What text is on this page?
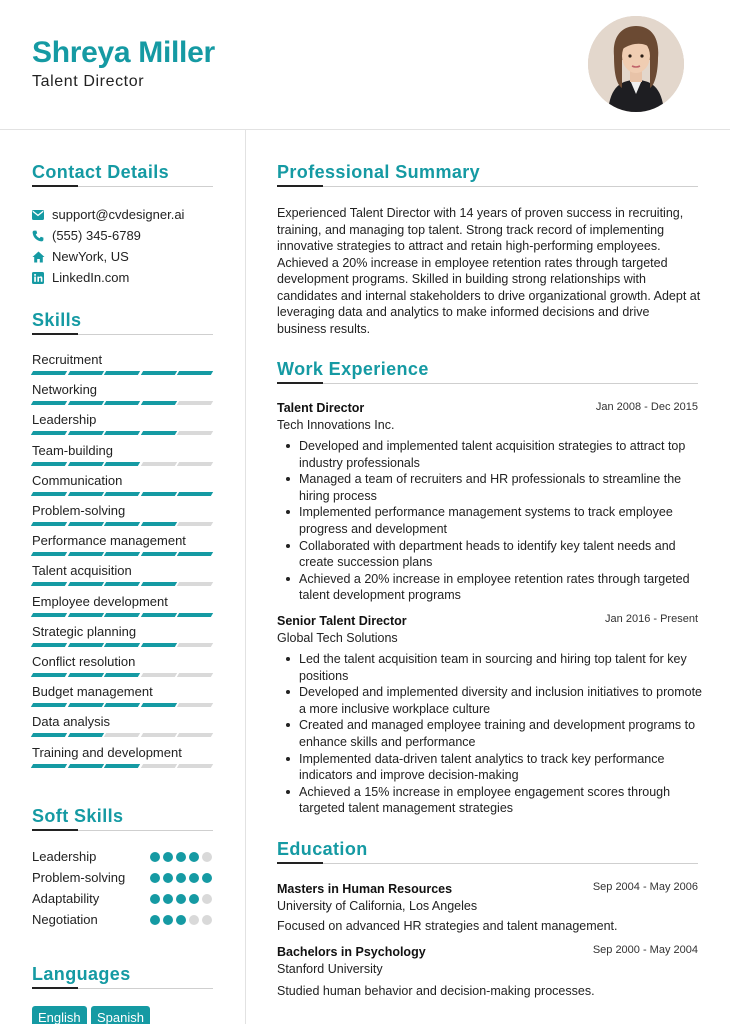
Shreya Miller
Talent Director
Contact Details
support@cvdesigner.ai
(555) 345-6789
NewYork, US
LinkedIn.com
Skills
Recruitment
Networking
Leadership
Team-building
Communication
Problem-solving
Performance management
Talent acquisition
Employee development
Strategic planning
Conflict resolution
Budget management
Data analysis
Training and development
Soft Skills
Leadership
Problem-solving
Adaptability
Negotiation
Languages
English	Spanish
Professional Summary
Experienced Talent Director with 14 years of proven success in recruiting, training, and managing top talent. Strong track record of implementing innovative strategies to attract and retain high-performing employees. Achieved a 20% increase in employee retention rates through targeted development programs. Skilled in building strong relationships with candidates and internal stakeholders to drive organizational growth. Adept at leveraging data and analytics to make informed decisions and drive business results.
Work Experience
Talent Director	Jan 2008 - Dec 2015
Tech Innovations Inc.
Developed and implemented talent acquisition strategies to attract top industry professionals
Managed a team of recruiters and HR professionals to streamline the hiring process
Implemented performance management systems to track employee progress and development
Collaborated with department heads to identify key talent needs and create succession plans
Achieved a 20% increase in employee retention rates through targeted talent development programs
Senior Talent Director	Jan 2016 - Present
Global Tech Solutions
Led the talent acquisition team in sourcing and hiring top talent for key positions
Developed and implemented diversity and inclusion initiatives to promote a more inclusive workplace culture
Created and managed employee training and development programs to enhance skills and performance
Implemented data-driven talent analytics to track key performance indicators and improve decision-making
Achieved a 15% increase in employee engagement scores through targeted talent management strategies
Education
Masters in Human Resources	Sep 2004 - May 2006
University of California, Los Angeles
Focused on advanced HR strategies and talent management.
Bachelors in Psychology	Sep 2000 - May 2004
Stanford University
Studied human behavior and decision-making processes.
